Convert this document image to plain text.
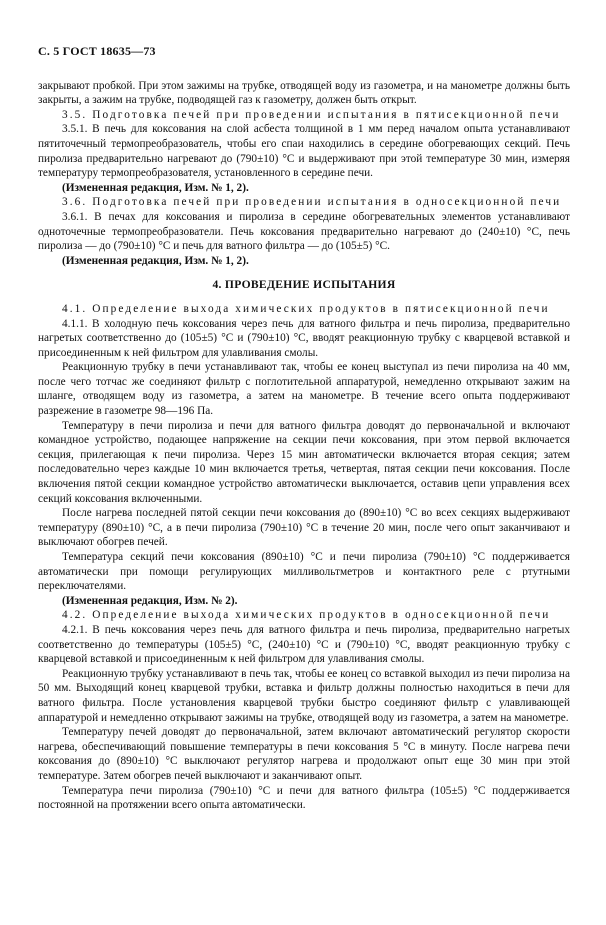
С. 5 ГОСТ 18635—73

закрывают пробкой. При этом зажимы на трубке, отводящей воду из газометра, и на манометре должны быть закрыты, а зажим на трубке, подводящей газ к газометру, должен быть открыт.

3.5. Подготовка печей при проведении испытания в пятисекционной печи

3.5.1. В печь для коксования на слой асбеста толщиной в 1 мм перед началом опыта устанавливают пятиточечный термопреобразователь, чтобы его спаи находились в середине обогревающих секций. Печь пиролиза предварительно нагревают до (790±10) °С и выдерживают при этой температуре 30 мин, измеряя температуру термопреобразователя, установленного в середине печи.

(Измененная редакция, Изм. № 1, 2).

3.6. Подготовка печей при проведении испытания в односекционной печи

3.6.1. В печах для коксования и пиролиза в середине обогревательных элементов устанавливают одноточечные термопреобразователи. Печь коксования предварительно нагревают до (240±10) °С, печь пиролиза — до (790±10) °С и печь для ватного фильтра — до (105±5) °С.

(Измененная редакция, Изм. № 1, 2).

4. ПРОВЕДЕНИЕ ИСПЫТАНИЯ

4.1. Определение выхода химических продуктов в пятисекционной печи

4.1.1. В холодную печь коксования через печь для ватного фильтра и печь пиролиза, предварительно нагретых соответственно до (105±5) °С и (790±10) °С, вводят реакционную трубку с кварцевой вставкой и присоединенным к ней фильтром для улавливания смолы.

Реакционную трубку в печи устанавливают так, чтобы ее конец выступал из печи пиролиза на 40 мм, после чего тотчас же соединяют фильтр с поглотительной аппаратурой, немедленно открывают зажим на шланге, отводящем воду из газометра, а затем на манометре. В течение всего опыта поддерживают разрежение в газометре 98—196 Па.

Температуру в печи пиролиза и печи для ватного фильтра доводят до первоначальной и включают командное устройство, подающее напряжение на секции печи коксования, при этом первой включается секция, прилегающая к печи пиролиза. Через 15 мин автоматически включается вторая секция; затем последовательно через каждые 10 мин включается третья, четвертая, пятая секции печи коксования. После включения пятой секции командное устройство автоматически выключается, оставив цепи управления всех секций коксования включенными.

После нагрева последней пятой секции печи коксования до (890±10) °С во всех секциях выдерживают температуру (890±10) °С, а в печи пиролиза (790±10) °С в течение 20 мин, после чего опыт заканчивают и выключают обогрев печей.

Температура секций печи коксования (890±10) °С и печи пиролиза (790±10) °С поддерживается автоматически при помощи регулирующих милливольтметров и контактного реле с ртутными переключателями.

(Измененная редакция, Изм. № 2).

4.2. Определение выхода химических продуктов в односекционной печи

4.2.1. В печь коксования через печь для ватного фильтра и печь пиролиза, предварительно нагретых соответственно до температуры (105±5) °С, (240±10) °С и (790±10) °С, вводят реакционную трубку с кварцевой вставкой и присоединенным к ней фильтром для улавливания смолы.

Реакционную трубку устанавливают в печь так, чтобы ее конец со вставкой выходил из печи пиролиза на 50 мм. Выходящий конец кварцевой трубки, вставка и фильтр должны полностью находиться в печи для ватного фильтра. После установления кварцевой трубки быстро соединяют фильтр с улавливающей аппаратурой и немедленно открывают зажимы на трубке, отводящей воду из газометра, а затем на манометре.

Температуру печей доводят до первоначальной, затем включают автоматический регулятор скорости нагрева, обеспечивающий повышение температуры в печи коксования 5 °С в минуту. После нагрева печи коксования до (890±10) °С выключают регулятор нагрева и продолжают опыт еще 30 мин при этой температуре. Затем обогрев печей выключают и заканчивают опыт.

Температура печи пиролиза (790±10) °С и печи для ватного фильтра (105±5) °С поддерживается постоянной на протяжении всего опыта автоматически.
